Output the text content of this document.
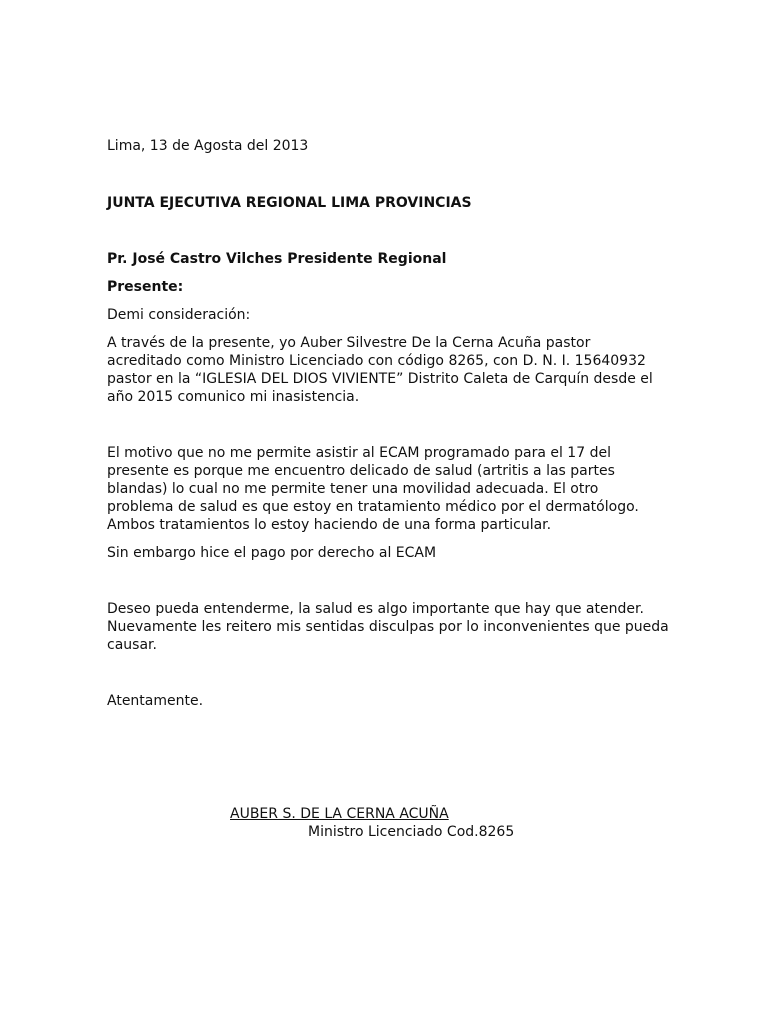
Lima, 13 de Agosta del 2013

JUNTA EJECUTIVA REGIONAL LIMA PROVINCIAS

Pr. José Castro Vilches Presidente Regional

Presente:

Demi consideración:

A través de la presente, yo Auber Silvestre De la Cerna Acuña pastor
acreditado como Ministro Licenciado con código 8265, con D. N. I. 15640932
pastor en la “IGLESIA DEL DIOS VIVIENTE” Distrito Caleta de Carquín desde el
año 2015 comunico mi inasistencia.

El motivo que no me permite asistir al ECAM programado para el 17 del
presente es porque me encuentro delicado de salud (artritis a las partes
blandas) lo cual no me permite tener una movilidad adecuada. El otro
problema de salud es que estoy en tratamiento médico por el dermatólogo.
Ambos tratamientos lo estoy haciendo de una forma particular.

Sin embargo hice el pago por derecho al ECAM

Deseo pueda entenderme, la salud es algo importante que hay que atender.
Nuevamente les reitero mis sentidas disculpas por lo inconvenientes que pueda
causar.

Atentamente.

AUBER S. DE LA CERNA ACUÑA

Ministro Licenciado Cod.8265
